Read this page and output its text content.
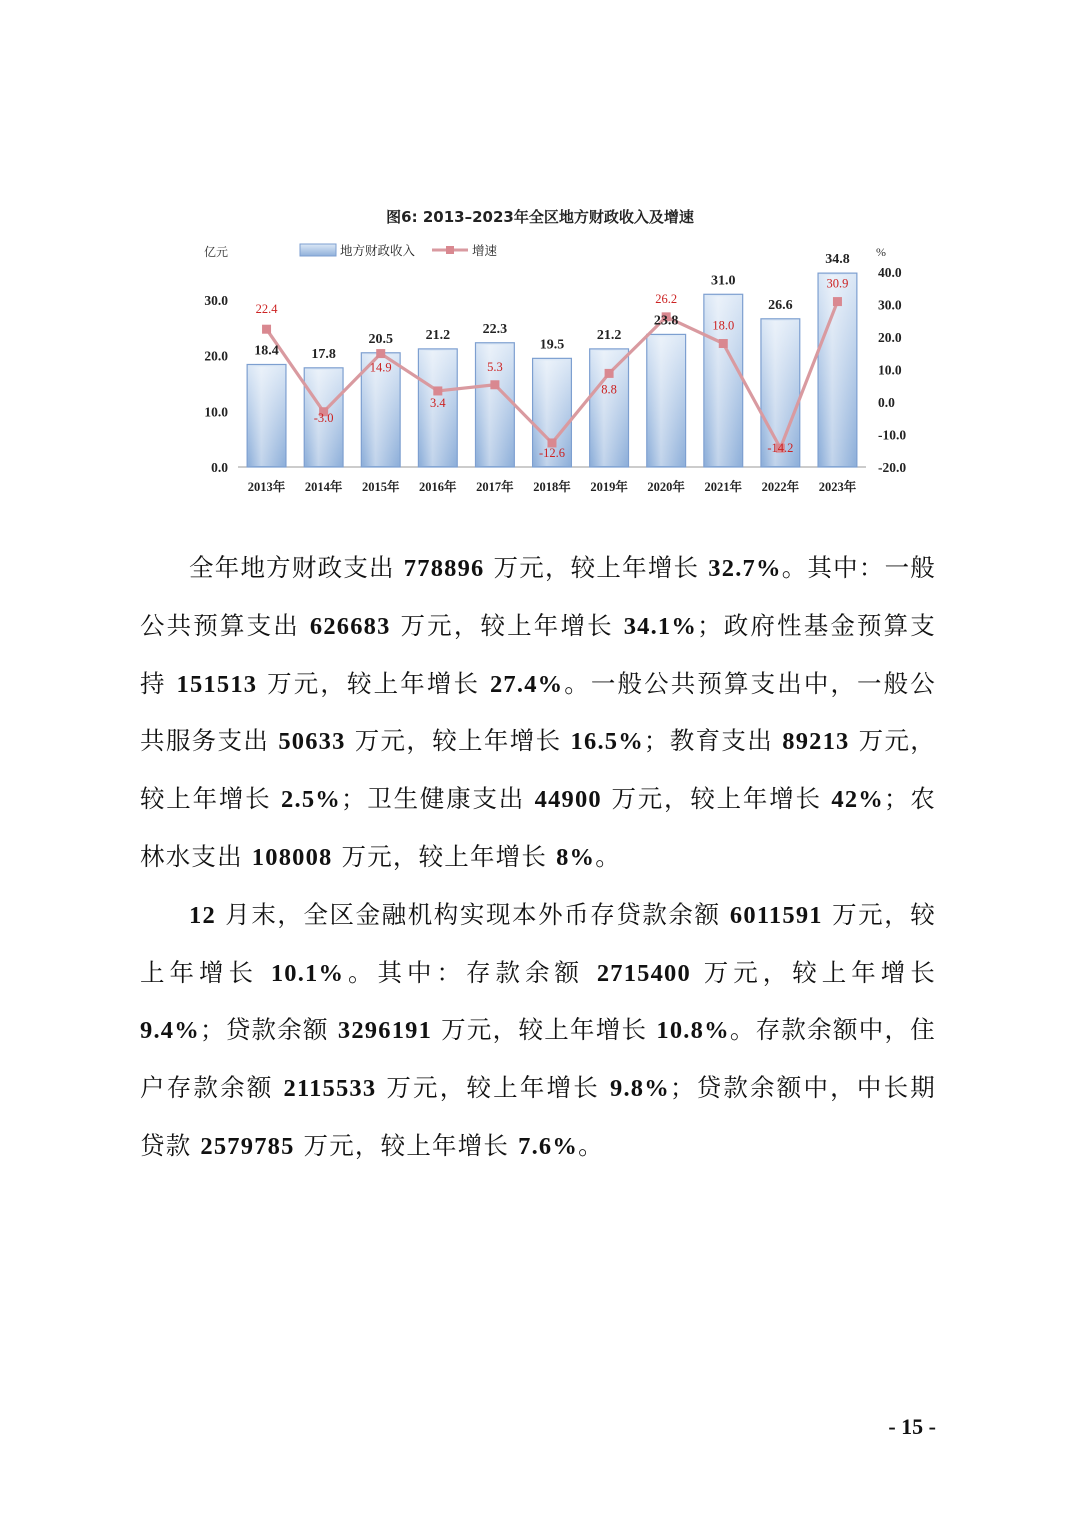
图6: 2013–2023年全区地方财政收入及增速
亿元	%
0.0
10.0
20.0
30.0
-20.0
-10.0
0.0
10.0
20.0
30.0
40.0
2013年 2014年 2015年 2016年 2017年 2018年 2019年 2020年 2021年 2022年 2023年
18.4 17.8
20.5 21.2 22.3
19.5
21.2
23.8
31.0
26.6
34.8
22.4
-3.0
14.9
3.4
5.3
-12.6
8.8
26.2
18.0
-14.2
30.9
地方财政收入	增速

全年地方财政支出 778896 万元，较上年增长 32.7%。其中：一般公共预算支出 626683 万元，较上年增长 34.1%；政府性基金预算支持 151513 万元，较上年增长 27.4%。一般公共预算支出中，一般公共服务支出 50633 万元，较上年增长 16.5%；教育支出 89213 万元，较上年增长 2.5%；卫生健康支出 44900 万元，较上年增长 42%；农林水支出 108008 万元，较上年增长 8%。

12 月末，全区金融机构实现本外币存贷款余额 6011591 万元，较上年增长 10.1%。其中：存款余额 2715400 万元，较上年增长 9.4%；贷款余额 3296191 万元，较上年增长 10.8%。存款余额中，住户存款余额 2115533 万元，较上年增长 9.8%；贷款余额中，中长期贷款 2579785 万元，较上年增长 7.6%。

- 15 -
